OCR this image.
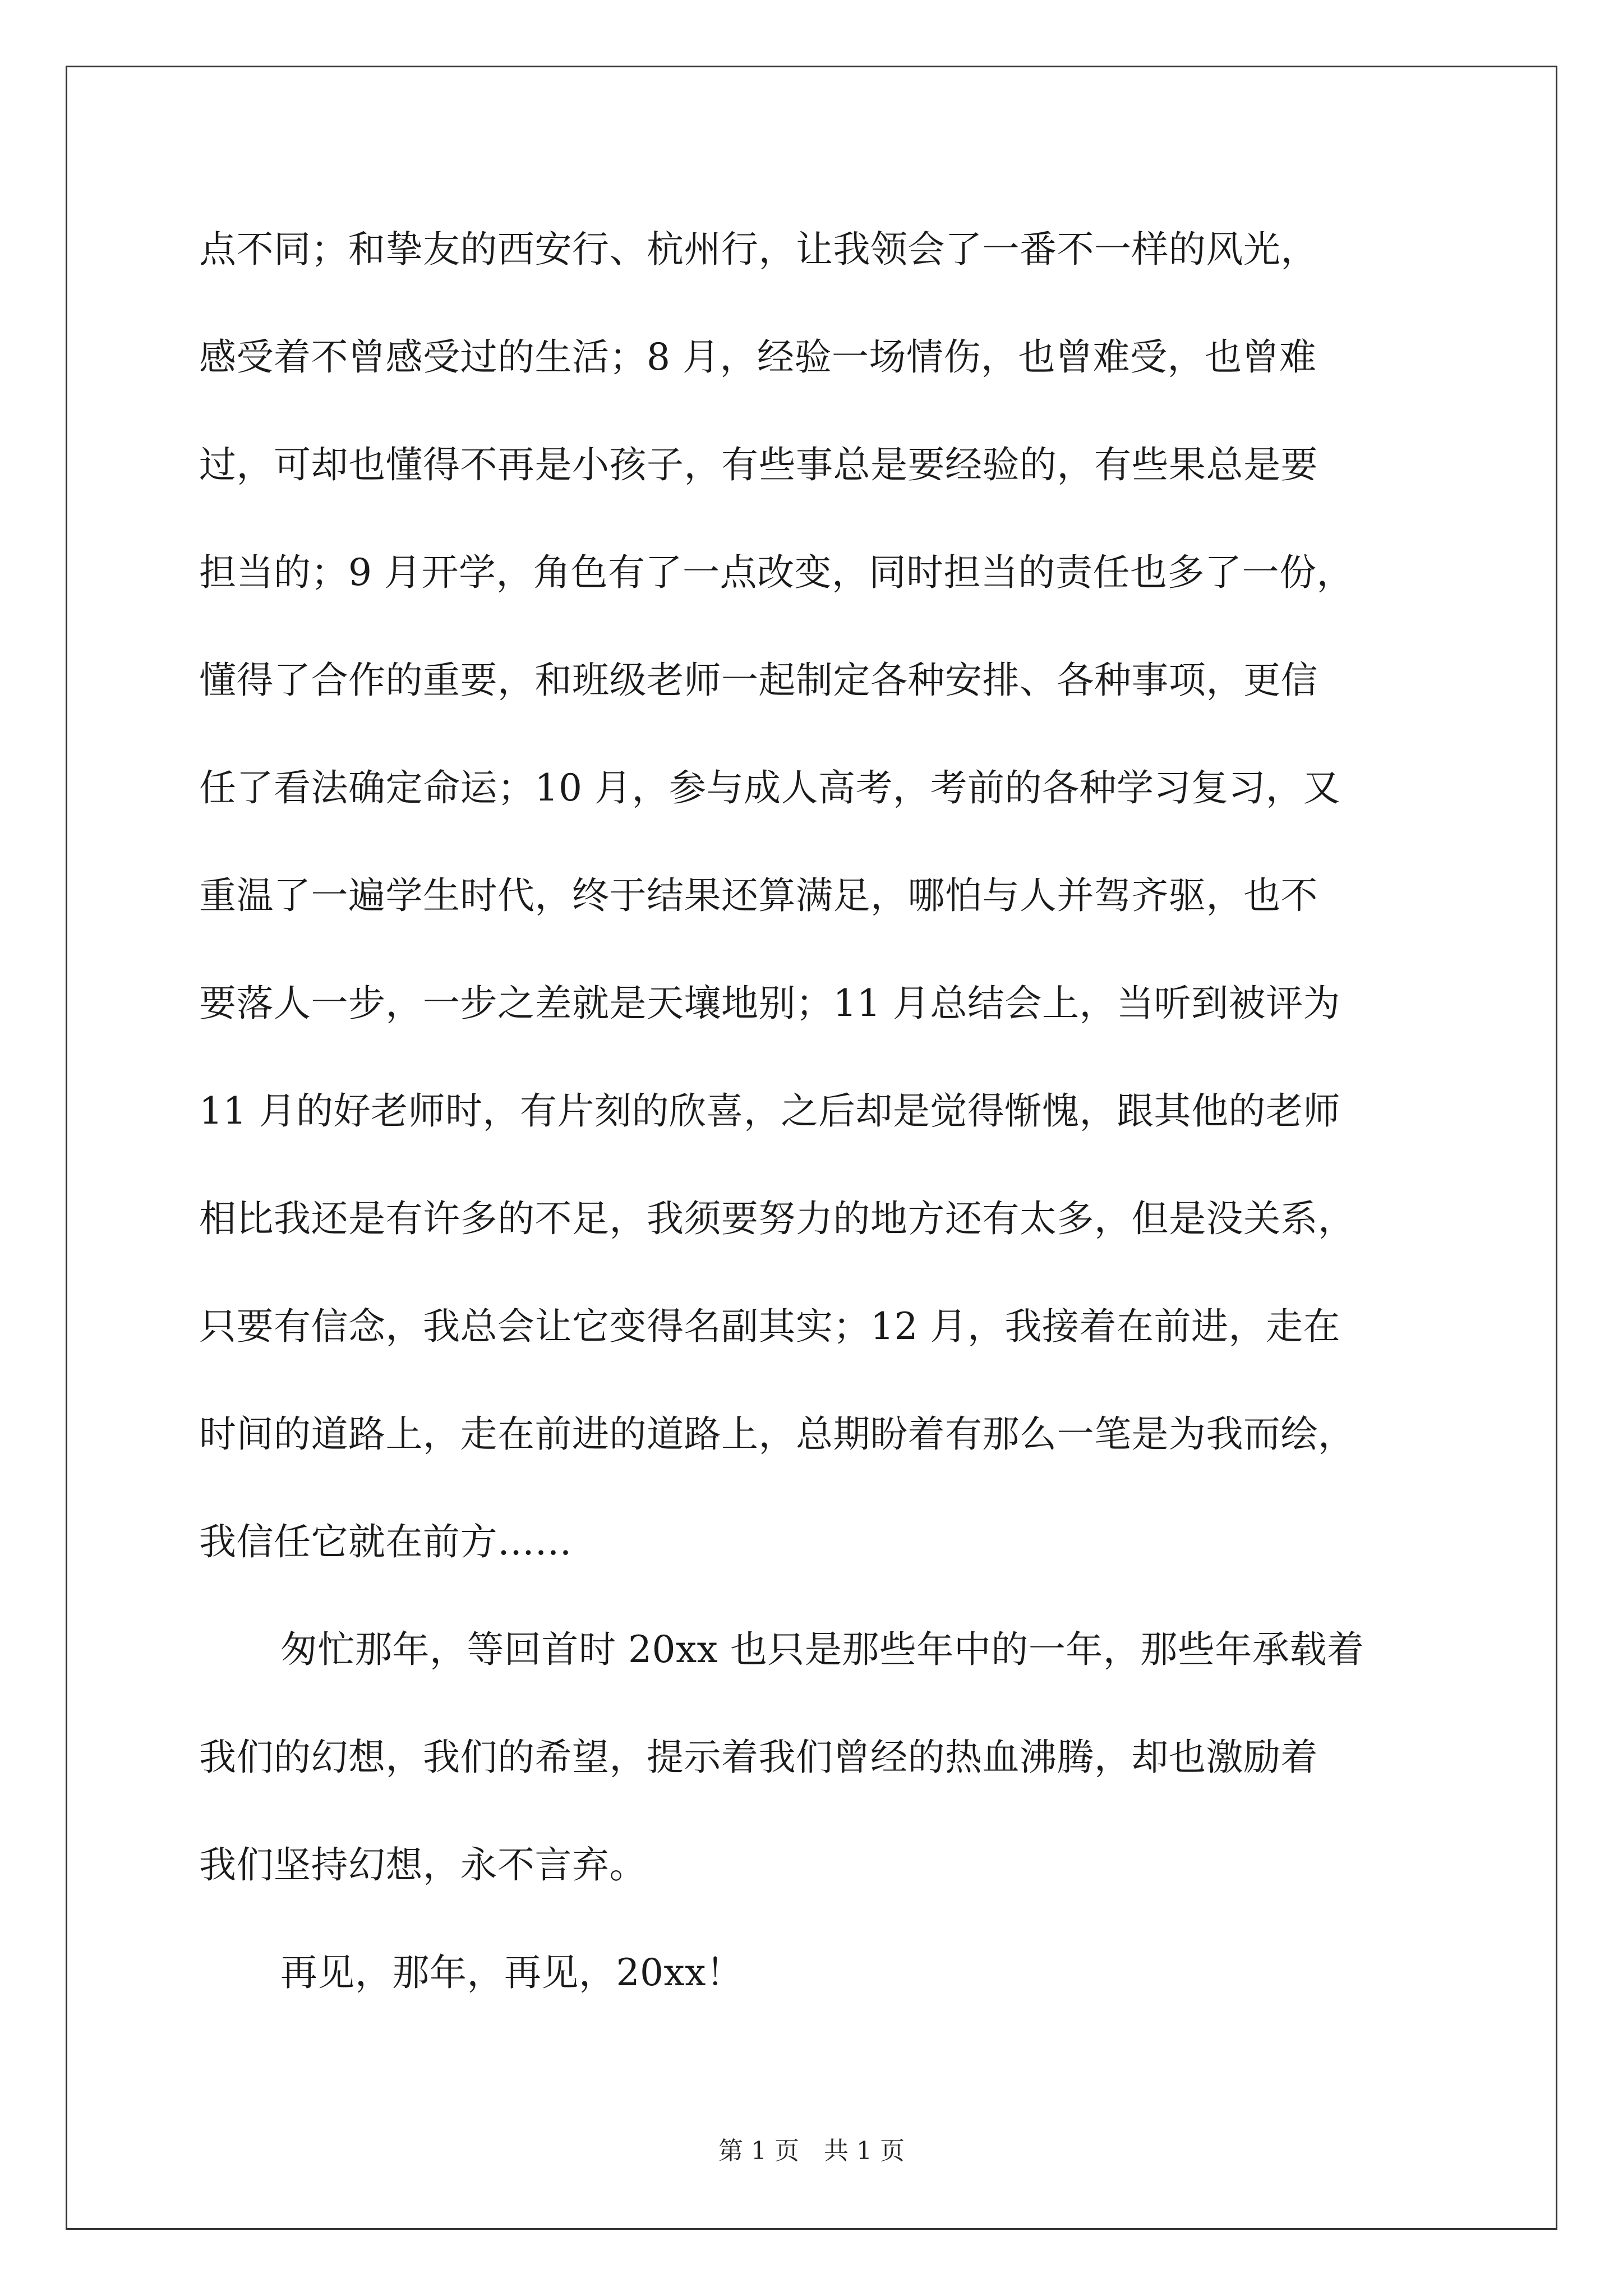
点不同；和挚友的西安行、杭州行，让我领会了一番不一样的风光，
感受着不曾感受过的生活；8 月，经验一场情伤，也曾难受，也曾难
过，可却也懂得不再是小孩子，有些事总是要经验的，有些果总是要
担当的；9 月开学，角色有了一点改变，同时担当的责任也多了一份，
懂得了合作的重要，和班级老师一起制定各种安排、各种事项，更信
任了看法确定命运；10 月，参与成人高考，考前的各种学习复习，又
重温了一遍学生时代，终于结果还算满足，哪怕与人并驾齐驱，也不
要落人一步，一步之差就是天壤地别；11 月总结会上，当听到被评为
11 月的好老师时，有片刻的欣喜，之后却是觉得惭愧，跟其他的老师
相比我还是有许多的不足，我须要努力的地方还有太多，但是没关系，
只要有信念，我总会让它变得名副其实；12 月，我接着在前进，走在
时间的道路上，走在前进的道路上，总期盼着有那么一笔是为我而绘，
我信任它就在前方……
匆忙那年，等回首时 20xx 也只是那些年中的一年，那些年承载着
我们的幻想，我们的希望，提示着我们曾经的热血沸腾，却也激励着
我们坚持幻想，永不言弃。
再见，那年，再见，20xx！
第 1 页　共 1 页
